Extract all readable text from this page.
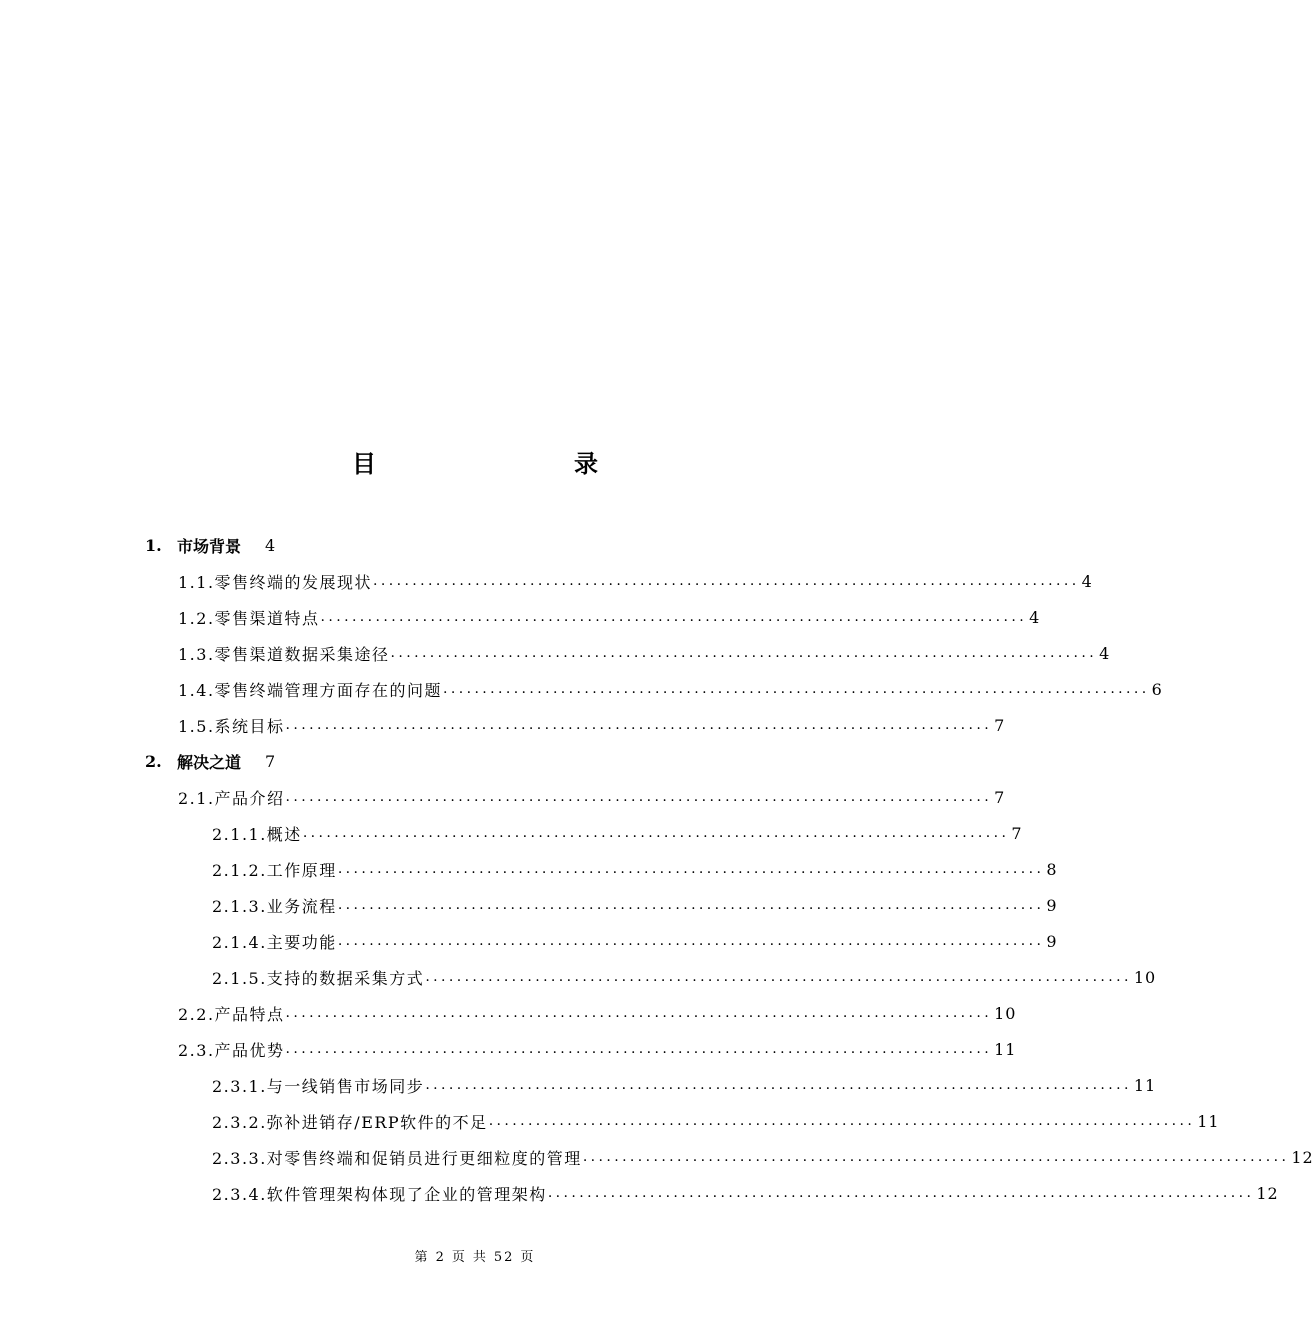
目　　录
1. 市场背景 4
1.1.零售终端的发展现状 .......................................................................................... 4
1.2.零售渠道特点 .......................................................................................... 4
1.3.零售渠道数据采集途径 .......................................................................................... 4
1.4.零售终端管理方面存在的问题 .......................................................................................... 6
1.5.系统目标 .......................................................................................... 7
2. 解决之道 7
2.1.产品介绍 .......................................................................................... 7
2.1.1.概述 .......................................................................................... 7
2.1.2.工作原理 .......................................................................................... 8
2.1.3.业务流程 .......................................................................................... 9
2.1.4.主要功能 .......................................................................................... 9
2.1.5.支持的数据采集方式 .......................................................................................... 10
2.2.产品特点 .......................................................................................... 10
2.3.产品优势 .......................................................................................... 11
2.3.1.与一线销售市场同步 .......................................................................................... 11
2.3.2.弥补进销存/ERP软件的不足 .......................................................................................... 11
2.3.3.对零售终端和促销员进行更细粒度的管理 .......................................................................................... 12
2.3.4.软件管理架构体现了企业的管理架构 .......................................................................................... 12
第 2 页 共 52 页
